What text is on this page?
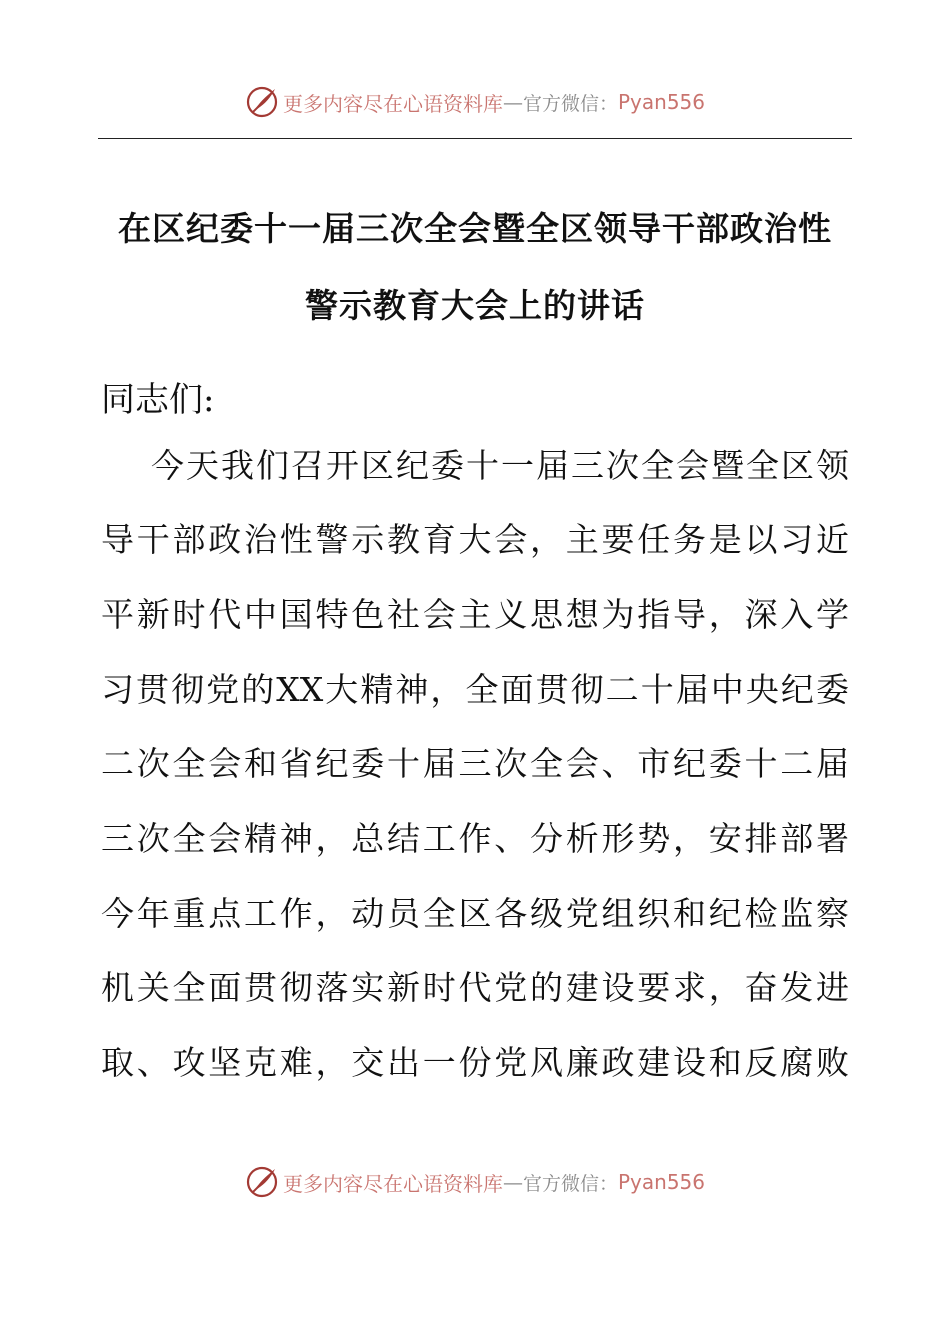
更多内容尽在心语资料库 — 官方微信： Pyan556
在区纪委十一届三次全会暨全区领导干部政治性
警示教育大会上的讲话
同志们:
今天我们召开区纪委十一届三次全会暨全区领
导干部政治性警示教育大会，主要任务是以习近
平新时代中国特色社会主义思想为指导，深入学
习贯彻党的XX大精神，全面贯彻二十届中央纪委
二次全会和省纪委十届三次全会、市纪委十二届
三次全会精神，总结工作、分析形势，安排部署
今年重点工作，动员全区各级党组织和纪检监察
机关全面贯彻落实新时代党的建设要求，奋发进
取、攻坚克难，交出一份党风廉政建设和反腐败
更多内容尽在心语资料库 — 官方微信： Pyan556
